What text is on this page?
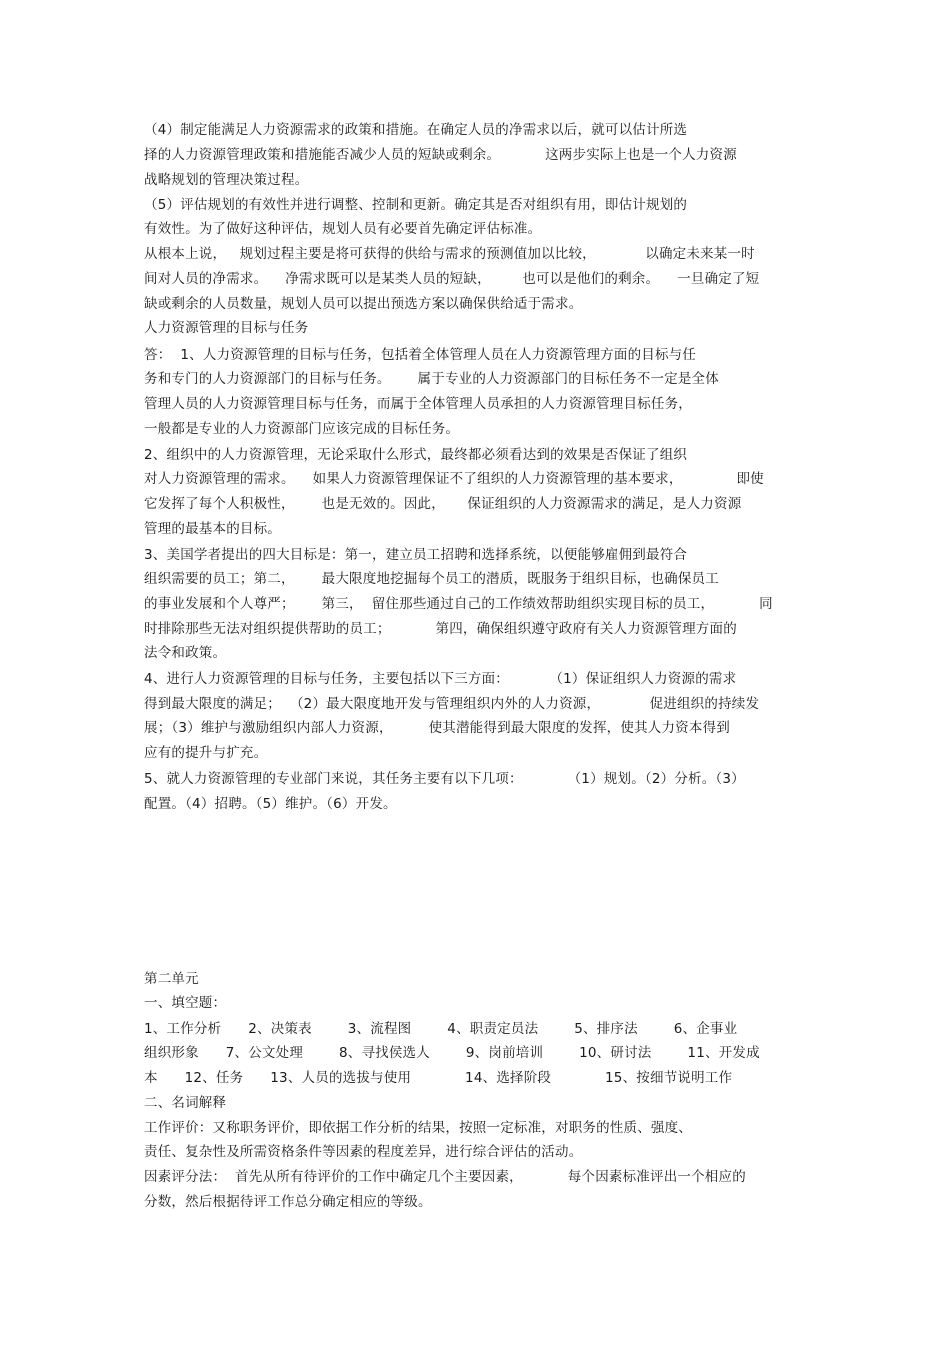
（4）制定能满足人力资源需求的政策和措施。在确定人员的净需求以后，就可以估计所选
择的人力资源管理政策和措施能否减少人员的短缺或剩余。          这两步实际上也是一个人力资源
战略规划的管理决策过程。
（5）评估规划的有效性并进行调整、控制和更新。确定其是否对组织有用，即估计规划的
有效性。为了做好这种评估，规划人员有必要首先确定评估标准。
从根本上说，   规划过程主要是将可获得的供给与需求的预测值加以比较，           以确定未来某一时
间对人员的净需求。    净需求既可以是某类人员的短缺，       也可以是他们的剩余。    一旦确定了短
缺或剩余的人员数量，规划人员可以提出预选方案以确保供给适于需求。
人力资源管理的目标与任务
答：  1、人力资源管理的目标与任务，包括着全体管理人员在人力资源管理方面的目标与任
务和专门的人力资源部门的目标与任务。      属于专业的人力资源部门的目标任务不一定是全体
管理人员的人力资源管理目标与任务，而属于全体管理人员承担的人力资源管理目标任务，
一般都是专业的人力资源部门应该完成的目标任务。
2、组织中的人力资源管理，无论采取什么形式，最终都必须看达到的效果是否保证了组织
对人力资源管理的需求。    如果人力资源管理保证不了组织的人力资源管理的基本要求，            即使
它发挥了每个人积极性，      也是无效的。因此，     保证组织的人力资源需求的满足，是人力资源
管理的最基本的目标。
3、美国学者提出的四大目标是：第一，建立员工招聘和选择系统，以便能够雇佣到最符合
组织需要的员工；第二，      最大限度地挖掘每个员工的潜质，既服务于组织目标，也确保员工
的事业发展和个人尊严；      第三，  留住那些通过自己的工作绩效帮助组织实现目标的员工，          同
时排除那些无法对组织提供帮助的员工；          第四，确保组织遵守政府有关人力资源管理方面的
法令和政策。
4、进行人力资源管理的目标与任务，主要包括以下三方面：         （1）保证组织人力资源的需求
得到最大限度的满足；  （2）最大限度地开发与管理组织内外的人力资源，           促进组织的持续发
展；（3）维护与激励组织内部人力资源，        使其潜能得到最大限度的发挥，使其人力资本得到
应有的提升与扩充。
5、就人力资源管理的专业部门来说，其任务主要有以下几项：          （1）规划。（2）分析。（3）
配置。（4）招聘。（5）维护。（6）开发。
第二单元
一、填空题：
1、工作分析      2、决策表        3、流程图        4、职责定员法        5、排序法        6、企事业
组织形象      7、公文处理        8、寻找侯选人        9、岗前培训        10、研讨法        11、开发成
本      12、任务      13、人员的选拔与使用            14、选择阶段            15、按细节说明工作
二、名词解释
工作评价：又称职务评价，即依据工作分析的结果，按照一定标准，对职务的性质、强度、
责任、复杂性及所需资格条件等因素的程度差异，进行综合评估的活动。
因素评分法：  首先从所有待评价的工作中确定几个主要因素，          每个因素标准评出一个相应的
分数，然后根据待评工作总分确定相应的等级。
